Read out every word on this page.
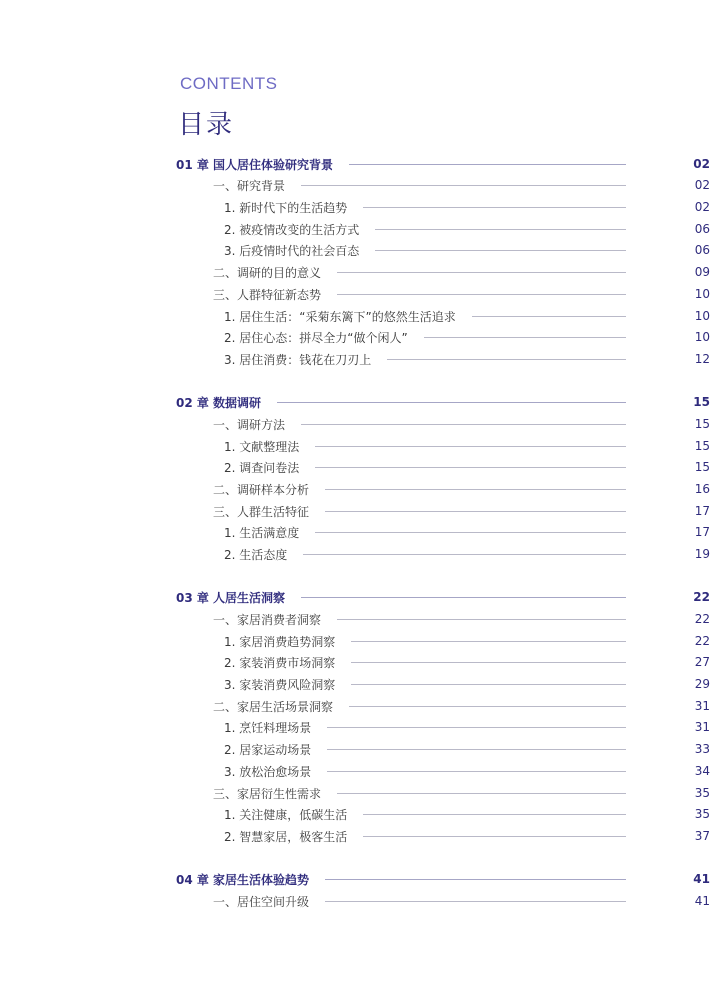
CONTENTS
目录
01 章 国人居住体验研究背景	02
一、研究背景	02
1. 新时代下的生活趋势	02
2. 被疫情改变的生活方式	06
3. 后疫情时代的社会百态	06
二、调研的目的意义	09
三、人群特征新态势	10
1. 居住生活：“采菊东篱下”的悠然生活追求	10
2. 居住心态：拼尽全力“做个闲人”	10
3. 居住消费：钱花在刀刃上	12
02 章 数据调研	15
一、调研方法	15
1. 文献整理法	15
2. 调查问卷法	15
二、调研样本分析	16
三、人群生活特征	17
1. 生活满意度	17
2. 生活态度	19
03 章 人居生活洞察	22
一、家居消费者洞察	22
1. 家居消费趋势洞察	22
2. 家装消费市场洞察	27
3. 家装消费风险洞察	29
二、家居生活场景洞察	31
1. 烹饪料理场景	31
2. 居家运动场景	33
3. 放松治愈场景	34
三、家居衍生性需求	35
1. 关注健康，低碳生活	35
2. 智慧家居，极客生活	37
04 章 家居生活体验趋势	41
一、居住空间升级	41
